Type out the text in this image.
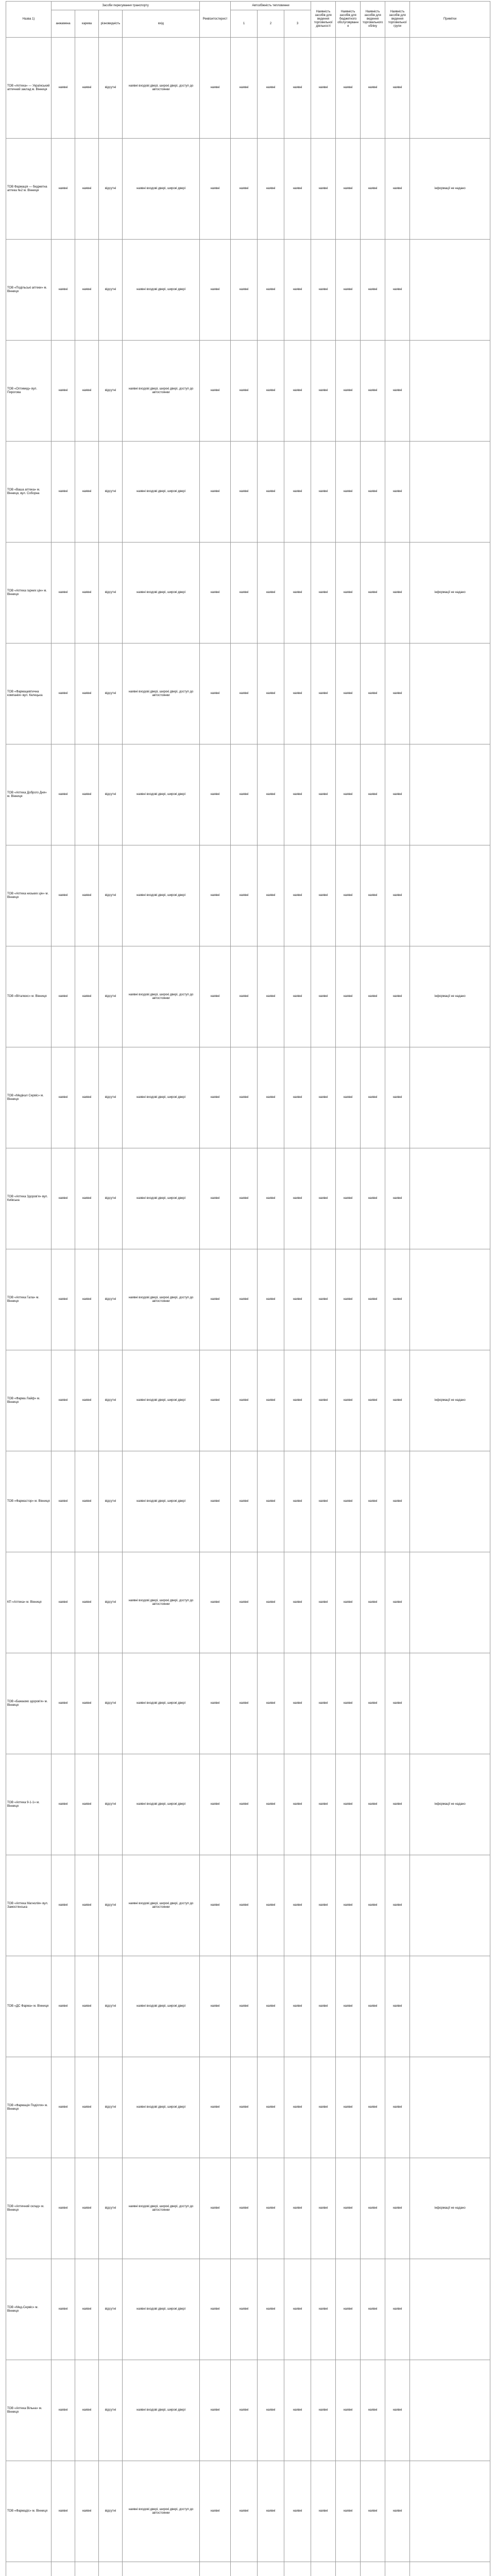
Назва 1)	Засоби пересування транспорту				Реквізитостерист	Автозбіжність тепловинни			Наявність засобів для ведення торговельної діяльності	Наявність засобів для бюджетного обслуговування	Наявність засобів для ведення торговельного обліку	Наявність засобів для ведення торговельної групи	Примітки
	анжамена	карева	різновидність	вхід		1	2	3					
ТОВ «Аптека» — Український аптечний заклад м. Вінниця	наявні	наявні	відсутні	наявні входові двері, широкі двері, доступ до автостоянки	наявні	наявні	наявні	наявні	наявні	наявні	наявні	наявні	
ТОВ Фармація — бюджетна аптека №2 м. Вінниця	наявні	наявні	відсутні	наявні входові двері, широкі двері	наявні	наявні	наявні	наявні	наявні	наявні	наявні	наявні	інформації не надано
ТОВ «Подільські аптеки» м. Вінниця	наявні	наявні	відсутні	наявні входові двері, широкі двері	наявні	наявні	наявні	наявні	наявні	наявні	наявні	наявні	
ТОВ «Оптимед» вул. Пирогова	наявні	наявні	відсутні	наявні входові двері, широкі двері, доступ до автостоянки	наявні	наявні	наявні	наявні	наявні	наявні	наявні	наявні	
ТОВ «Ваша аптека» м. Вінниця, вул. Соборна	наявні	наявні	відсутні	наявні входові двері, широкі двері	наявні	наявні	наявні	наявні	наявні	наявні	наявні	наявні	
ТОВ «Аптека гарних цін» м. Вінниця	наявні	наявні	відсутні	наявні входові двері, широкі двері	наявні	наявні	наявні	наявні	наявні	наявні	наявні	наявні	інформації не надано
ТОВ «Фармацевтична компанія» вул. Келецька	наявні	наявні	відсутні	наявні входові двері, широкі двері, доступ до автостоянки	наявні	наявні	наявні	наявні	наявні	наявні	наявні	наявні	
ТОВ «Аптека Доброго Дня» м. Вінниця	наявні	наявні	відсутні	наявні входові двері, широкі двері	наявні	наявні	наявні	наявні	наявні	наявні	наявні	наявні	
ТОВ «Аптека низьких цін» м. Вінниця	наявні	наявні	відсутні	наявні входові двері, широкі двері	наявні	наявні	наявні	наявні	наявні	наявні	наявні	наявні	
ТОВ «Віталюкс» м. Вінниця	наявні	наявні	відсутні	наявні входові двері, широкі двері, доступ до автостоянки	наявні	наявні	наявні	наявні	наявні	наявні	наявні	наявні	інформації не надано
ТОВ «Медікал Сервіс» м. Вінниця	наявні	наявні	відсутні	наявні входові двері, широкі двері	наявні	наявні	наявні	наявні	наявні	наявні	наявні	наявні	
ТОВ «Аптека Здоров'я» вул. Київська	наявні	наявні	відсутні	наявні входові двері, широкі двері	наявні	наявні	наявні	наявні	наявні	наявні	наявні	наявні	
ТОВ «Аптека Гала» м. Вінниця	наявні	наявні	відсутні	наявні входові двері, широкі двері, доступ до автостоянки	наявні	наявні	наявні	наявні	наявні	наявні	наявні	наявні	
ТОВ «Фарма Лайф» м. Вінниця	наявні	наявні	відсутні	наявні входові двері, широкі двері	наявні	наявні	наявні	наявні	наявні	наявні	наявні	наявні	інформації не надано
ТОВ «Фармастор» м. Вінниця	наявні	наявні	відсутні	наявні входові двері, широкі двері	наявні	наявні	наявні	наявні	наявні	наявні	наявні	наявні	
КП «Аптека» м. Вінниця	наявні	наявні	відсутні	наявні входові двері, широкі двері, доступ до автостоянки	наявні	наявні	наявні	наявні	наявні	наявні	наявні	наявні	
ТОВ «Бажаємо здоров'я» м. Вінниця	наявні	наявні	відсутні	наявні входові двері, широкі двері	наявні	наявні	наявні	наявні	наявні	наявні	наявні	наявні	
ТОВ «Аптека 9-1-1» м. Вінниця	наявні	наявні	відсутні	наявні входові двері, широкі двері	наявні	наявні	наявні	наявні	наявні	наявні	наявні	наявні	інформації не надано
ТОВ «Аптека Магнолія» вул. Замостянська	наявні	наявні	відсутні	наявні входові двері, широкі двері, доступ до автостоянки	наявні	наявні	наявні	наявні	наявні	наявні	наявні	наявні	
ТОВ «ДС Фарма» м. Вінниця	наявні	наявні	відсутні	наявні входові двері, широкі двері	наявні	наявні	наявні	наявні	наявні	наявні	наявні	наявні	
ТОВ «Фармація Поділля» м. Вінниця	наявні	наявні	відсутні	наявні входові двері, широкі двері	наявні	наявні	наявні	наявні	наявні	наявні	наявні	наявні	
ТОВ «Аптечний склад» м. Вінниця	наявні	наявні	відсутні	наявні входові двері, широкі двері, доступ до автостоянки	наявні	наявні	наявні	наявні	наявні	наявні	наявні	наявні	інформації не надано
ТОВ «Мед-Сервіс» м. Вінниця	наявні	наявні	відсутні	наявні входові двері, широкі двері	наявні	наявні	наявні	наявні	наявні	наявні	наявні	наявні	
ТОВ «Аптека Вільна» м. Вінниця	наявні	наявні	відсутні	наявні входові двері, широкі двері	наявні	наявні	наявні	наявні	наявні	наявні	наявні	наявні	
ТОВ «Фармадіс» м. Вінниця	наявні	наявні	відсутні	наявні входові двері, широкі двері, доступ до автостоянки	наявні	наявні	наявні	наявні	наявні	наявні	наявні	наявні	
